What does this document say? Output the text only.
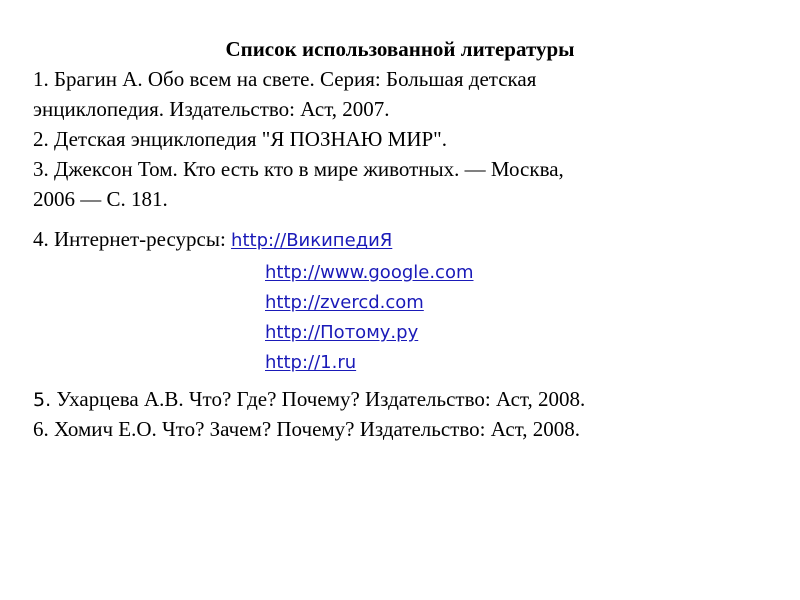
Список использованной литературы
1. Брагин А. Обо всем на свете. Серия: Большая детская
энциклопедия. Издательство: Аст, 2007.
2. Детская энциклопедия "Я ПОЗНАЮ МИР".
3. Джексон Том. Кто есть кто в мире животных. — Москва,
2006 — С. 181.
4. Интернет-ресурсы: http://ВикипедиЯ
http://www.google.com
http://zvercd.com
http://Потому.ру
http://1.ru
5. Ухарцева А.В. Что? Где? Почему? Издательство: Аст, 2008.
6. Хомич Е.О. Что? Зачем? Почему? Издательство: Аст, 2008.
